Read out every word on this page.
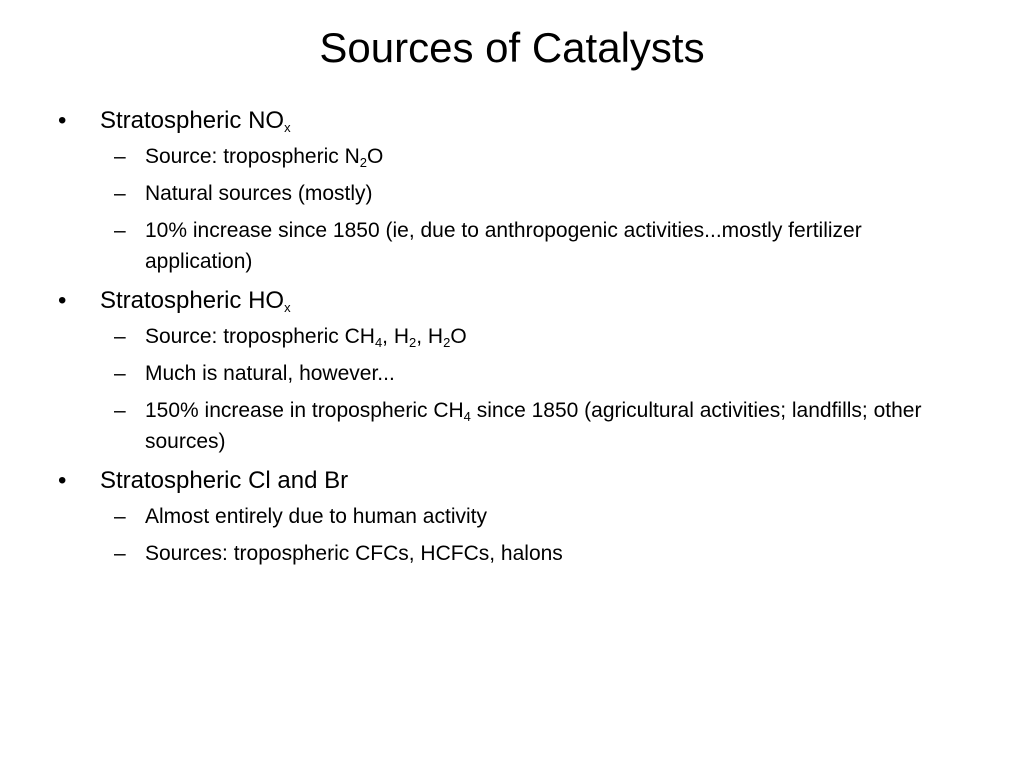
Sources of Catalysts
•	Stratospheric $NO_x$
– Source: tropospheric $N_2O$
– Natural sources (mostly)
– 10% increase since 1850 (ie, due to anthropogenic activities...mostly fertilizer application)
•	Stratospheric $HO_x$
– Source: tropospheric $CH_4$, $H_2$, $H_2O$
– Much is natural, however...
– 150% increase in tropospheric $CH_4$ since 1850 (agricultural activities; landfills; other sources)
•	Stratospheric Cl and Br
– Almost entirely due to human activity
– Sources: tropospheric CFCs, HCFCs, halons
